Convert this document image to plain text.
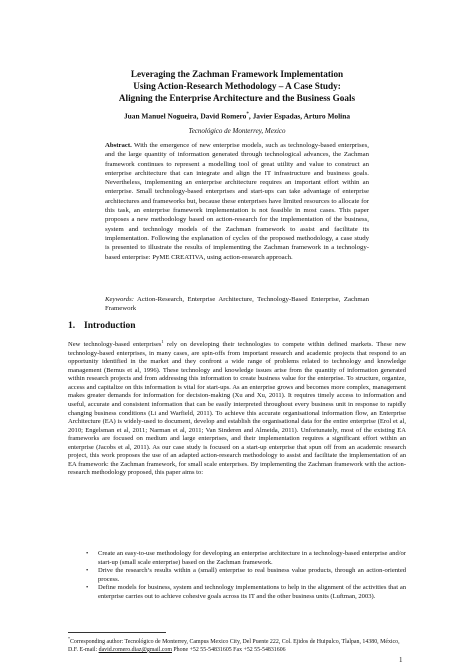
Leveraging the Zachman Framework Implementation
Using Action-Research Methodology – A Case Study:
Aligning the Enterprise Architecture and the Business Goals
Juan Manuel Nogueira, David Romero*, Javier Espadas, Arturo Molina
Tecnológico de Monterrey, Mexico
Abstract. With the emergence of new enterprise models, such as technology-based enterprises, and the large quantity of information generated through technological advances, the Zachman framework continues to represent a modelling tool of great utility and value to construct an enterprise architecture that can integrate and align the IT infrastructure and business goals. Nevertheless, implementing an enterprise architecture requires an important effort within an enterprise. Small technology-based enterprises and start-ups can take advantage of enterprise architectures and frameworks but, because these enterprises have limited resources to allocate for this task, an enterprise framework implementation is not feasible in most cases. This paper proposes a new methodology based on action-research for the implementation of the business, system and technology models of the Zachman framework to assist and facilitate its implementation. Following the explanation of cycles of the proposed methodology, a case study is presented to illustrate the results of implementing the Zachman framework in a technology-based enterprise: PyME CREATIVA, using action-research approach.
Keywords: Action-Research, Enterprise Architecture, Technology-Based Enterprise, Zachman Framework
1. Introduction
New technology-based enterprises$^1$ rely on developing their technologies to compete within defined markets. These new technology-based enterprises, in many cases, are spin-offs from important research and academic projects that respond to an opportunity identified in the market and they confront a wide range of problems related to technology and knowledge management (Bernus et al, 1996). These technology and knowledge issues arise from the quantity of information generated within research projects and from addressing this information to create business value for the enterprise. To structure, organize, access and capitalize on this information is vital for start-ups. As an enterprise grows and becomes more complex, management makes greater demands for information for decision-making (Xu and Xu, 2011). It requires timely access to information and useful, accurate and consistent information that can be easily interpreted throughout every business unit in response to rapidly changing business conditions (Li and Warfield, 2011). To achieve this accurate organisational information flow, an Enterprise Architecture (EA) is widely-used to document, develop and establish the organisational data for the entire enterprise (Erol et al, 2010; Engelsman et al, 2011; Narman et al, 2011; Van Sinderen and Almeida, 2011). Unfortunately, most of the existing EA frameworks are focused on medium and large enterprises, and their implementation requires a significant effort within an enterprise (Jacobs et al, 2011). As our case study is focused on a start-up enterprise that spun off from an academic research project, this work proposes the use of an adapted action-research methodology to assist and facilitate the implementation of an EA framework: the Zachman framework, for small scale enterprises. By implementing the Zachman framework with the action-research methodology proposed, this paper aims to:
• Create an easy-to-use methodology for developing an enterprise architecture in a technology-based enterprise and/or start-up (small scale enterprise) based on the Zachman framework.
• Drive the research’s results within a (small) enterprise to real business value products, through an action-oriented process.
• Define models for business, system and technology implementations to help in the alignment of the activities that an enterprise carries out to achieve cohesive goals across its IT and the other business units (Luftman, 2003).
*Corresponding author: Tecnológico de Monterrey, Campus Mexico City, Del Puente 222, Col. Ejidos de Huipulco, Tlalpan, 14380, México, D.F. E-mail: david.romero.diaz@gmail.com Phone +52 55-54831605 Fax +52 55-54831606
1
